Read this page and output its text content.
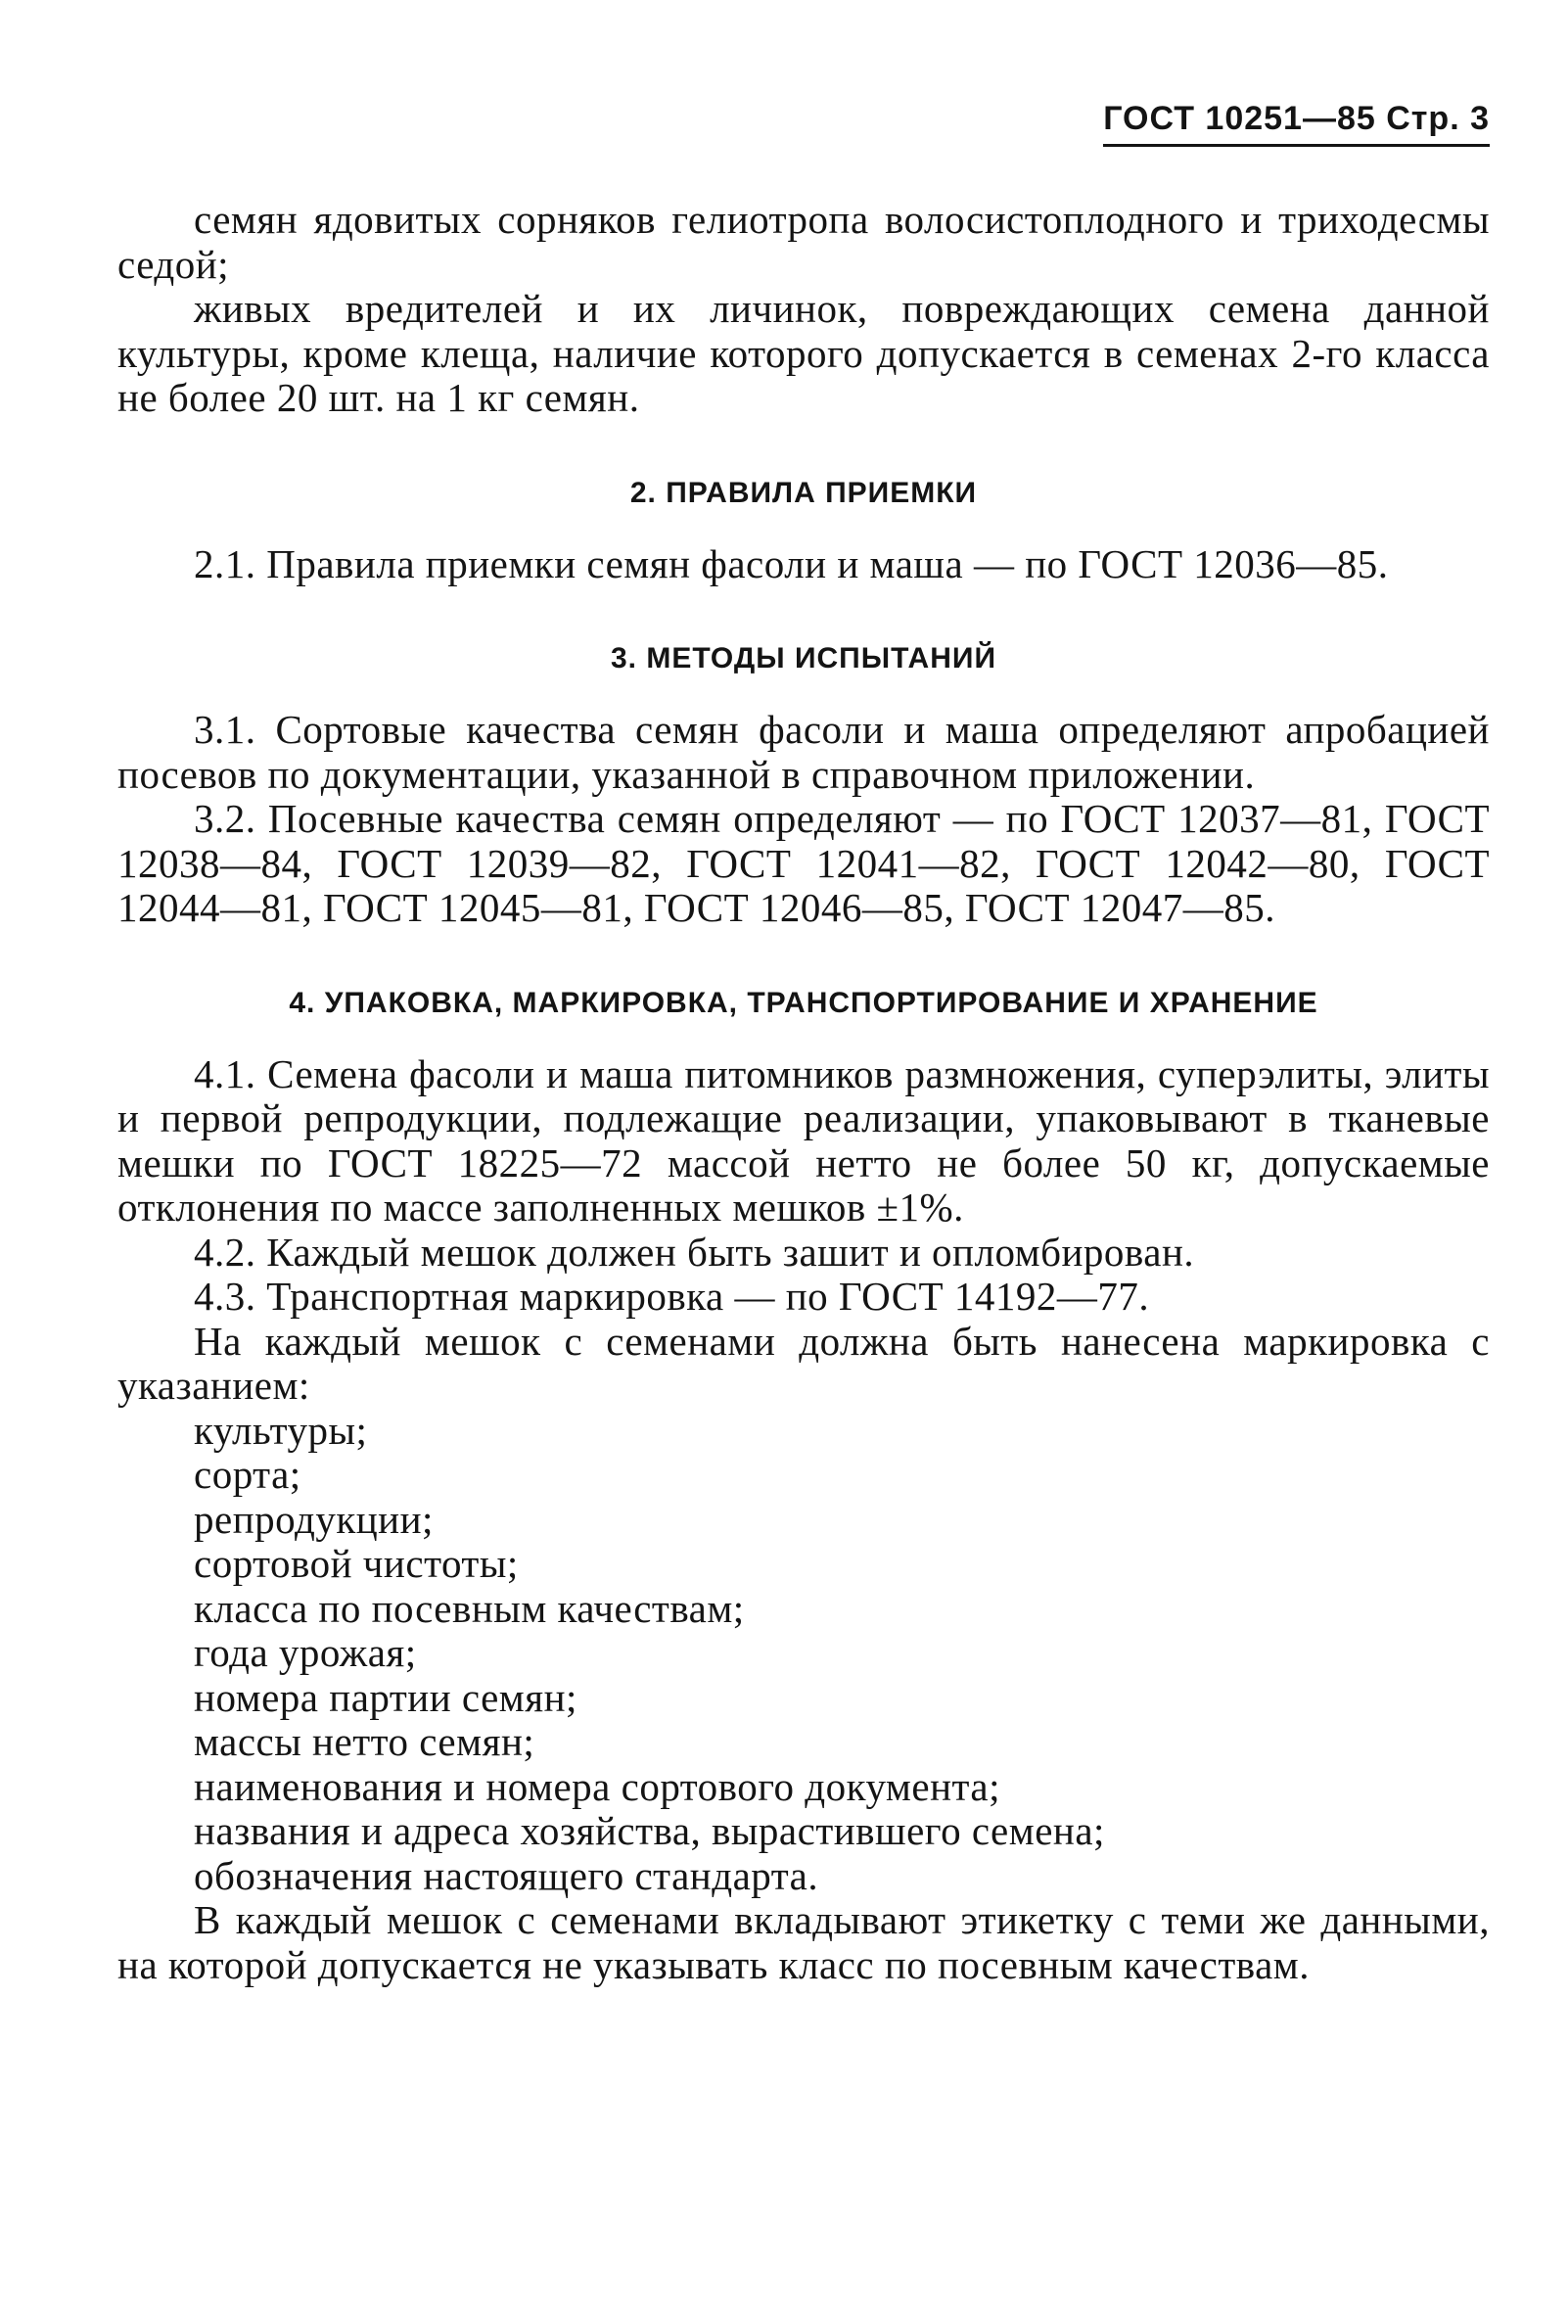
ГОСТ 10251—85 Стр. 3

семян ядовитых сорняков гелиотропа волосистоплодного и триходесмы седой;

живых вредителей и их личинок, повреждающих семена данной культуры, кроме клеща, наличие которого допускается в семенах 2-го класса не более 20 шт. на 1 кг семян.

2. ПРАВИЛА ПРИЕМКИ

2.1. Правила приемки семян фасоли и маша — по ГОСТ 12036—85.

3. МЕТОДЫ ИСПЫТАНИЙ

3.1. Сортовые качества семян фасоли и маша определяют апробацией посевов по документации, указанной в справочном приложении.

3.2. Посевные качества семян определяют — по ГОСТ 12037—81, ГОСТ 12038—84, ГОСТ 12039—82, ГОСТ 12041—82, ГОСТ 12042—80, ГОСТ 12044—81, ГОСТ 12045—81, ГОСТ 12046—85, ГОСТ 12047—85.

4. УПАКОВКА, МАРКИРОВКА, ТРАНСПОРТИРОВАНИЕ И ХРАНЕНИЕ

4.1. Семена фасоли и маша питомников размножения, суперэлиты, элиты и первой репродукции, подлежащие реализации, упаковывают в тканевые мешки по ГОСТ 18225—72 массой нетто не более 50 кг, допускаемые отклонения по массе заполненных мешков ±1%.

4.2. Каждый мешок должен быть зашит и опломбирован.

4.3. Транспортная маркировка — по ГОСТ 14192—77.

На каждый мешок с семенами должна быть нанесена маркировка с указанием:

культуры;

сорта;

репродукции;

сортовой чистоты;

класса по посевным качествам;

года урожая;

номера партии семян;

массы нетто семян;

наименования и номера сортового документа;

названия и адреса хозяйства, вырастившего семена;

обозначения настоящего стандарта.

В каждый мешок с семенами вкладывают этикетку с теми же данными, на которой допускается не указывать класс по посевным качествам.
